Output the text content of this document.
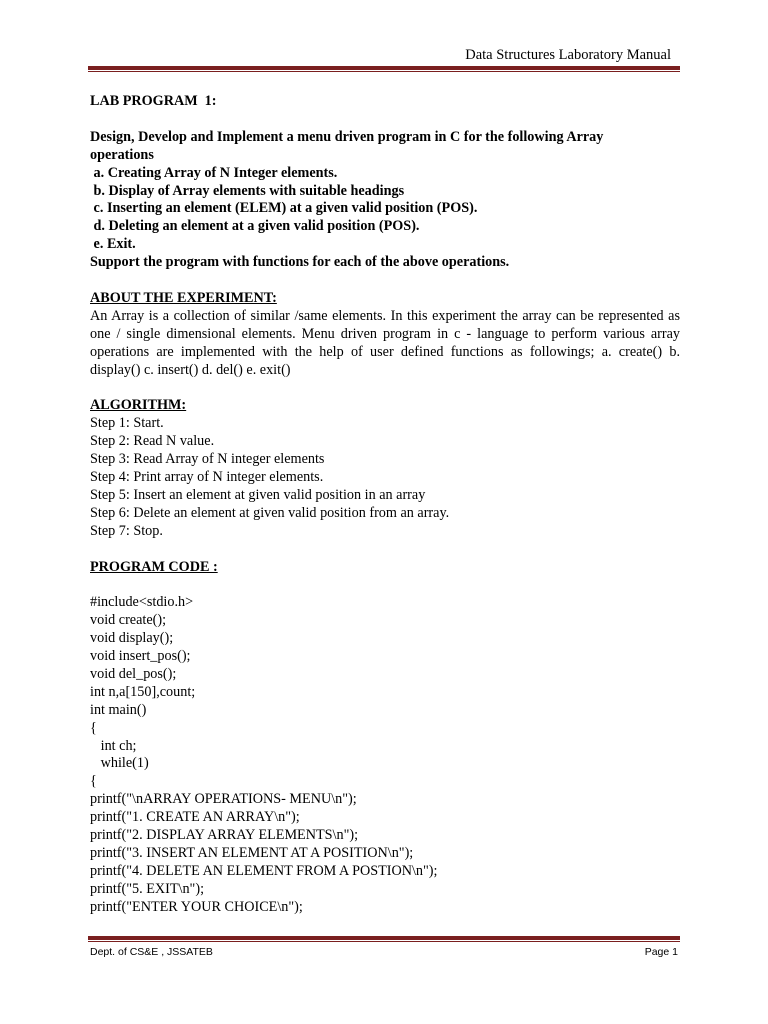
Data Structures Laboratory Manual
LAB PROGRAM  1:
Design, Develop and Implement a menu driven program in C for the following Array
operations
a. Creating Array of N Integer elements.
b. Display of Array elements with suitable headings
c. Inserting an element (ELEM) at a given valid position (POS).
d. Deleting an element at a given valid position (POS).
e. Exit.
Support the program with functions for each of the above operations.
ABOUT THE EXPERIMENT:
An Array is a collection of similar /same elements. In this experiment the array can be represented as one / single dimensional elements. Menu driven program in c - language to perform various array operations are implemented with the help of user defined functions as followings; a. create() b. display() c. insert() d. del() e. exit()
ALGORITHM:
Step 1: Start.
Step 2: Read N value.
Step 3: Read Array of N integer elements
Step 4: Print array of N integer elements.
Step 5: Insert an element at given valid position in an array
Step 6: Delete an element at given valid position from an array.
Step 7: Stop.
PROGRAM CODE :
#include<stdio.h>
void create();
void display();
void insert_pos();
void del_pos();
int n,a[150],count;
int main()
{
int ch;
while(1)
{
printf("\nARRAY OPERATIONS- MENU\n");
printf("1. CREATE AN ARRAY\n");
printf("2. DISPLAY ARRAY ELEMENTS\n");
printf("3. INSERT AN ELEMENT AT A POSITION\n");
printf("4. DELETE AN ELEMENT FROM A POSTION\n");
printf("5. EXIT\n");
printf("ENTER YOUR CHOICE\n");
Dept. of CS&E , JSSATEB	Page 1
